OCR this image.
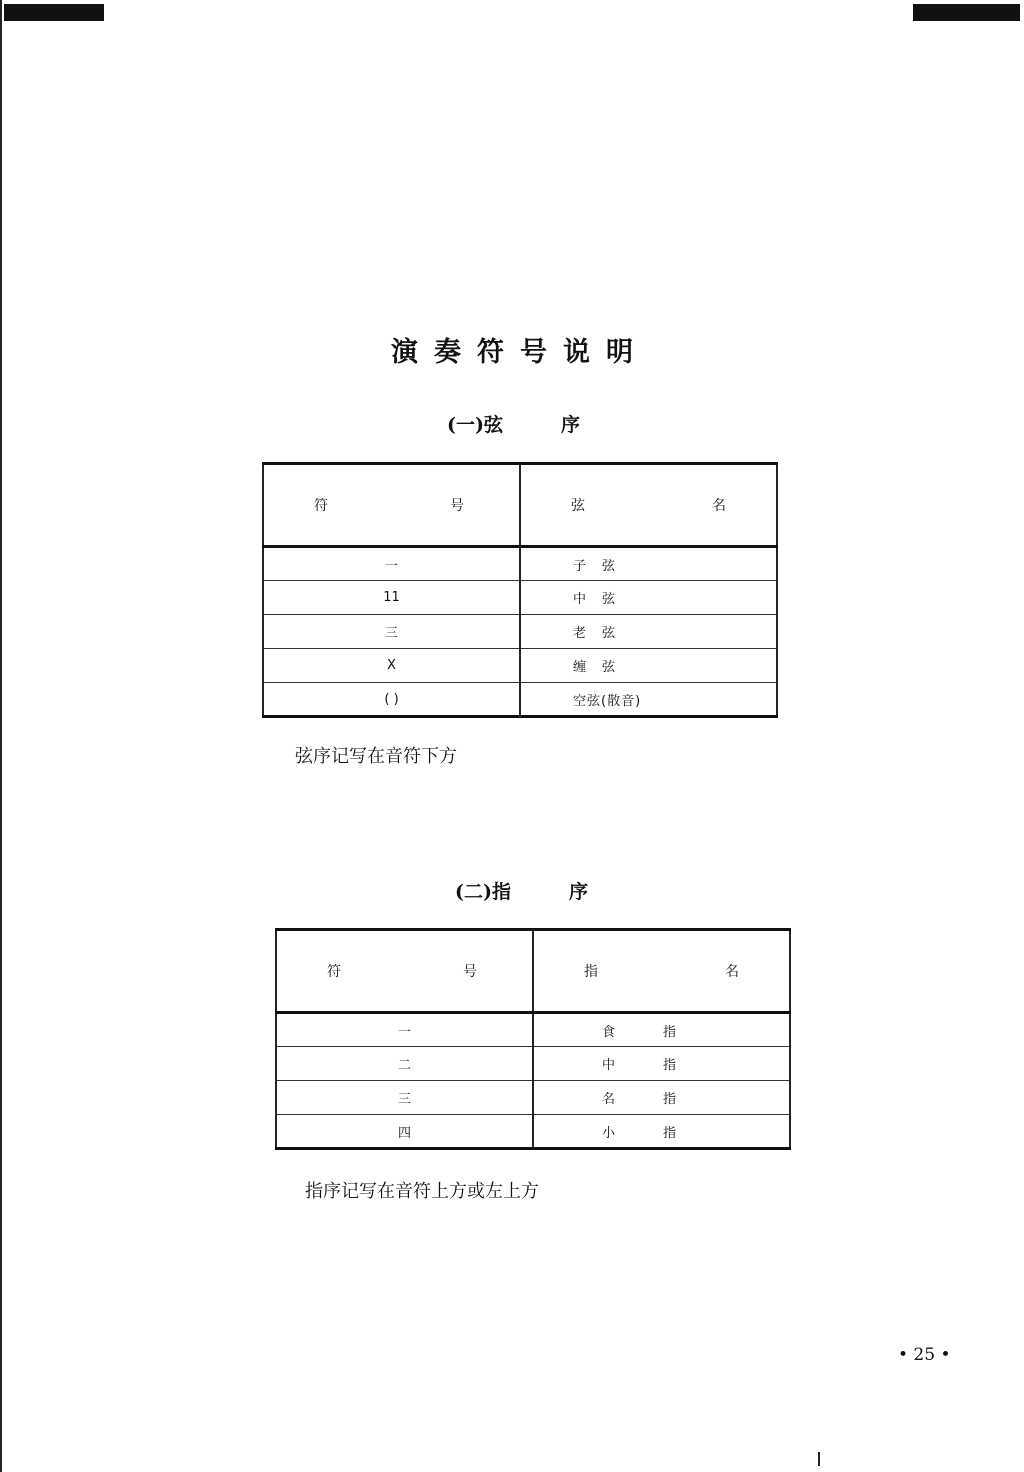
演奏符号说明
(一)弦	序
符 号	弦 名

一	子弦
11	中弦
三	老弦
X	缠弦
( )	空弦(散音)
弦序记写在音符下方
(二)指	序
符 号	指 名

一	食指
二	中指
三	名指
四	小指
指序记写在音符上方或左上方
• 25 •
